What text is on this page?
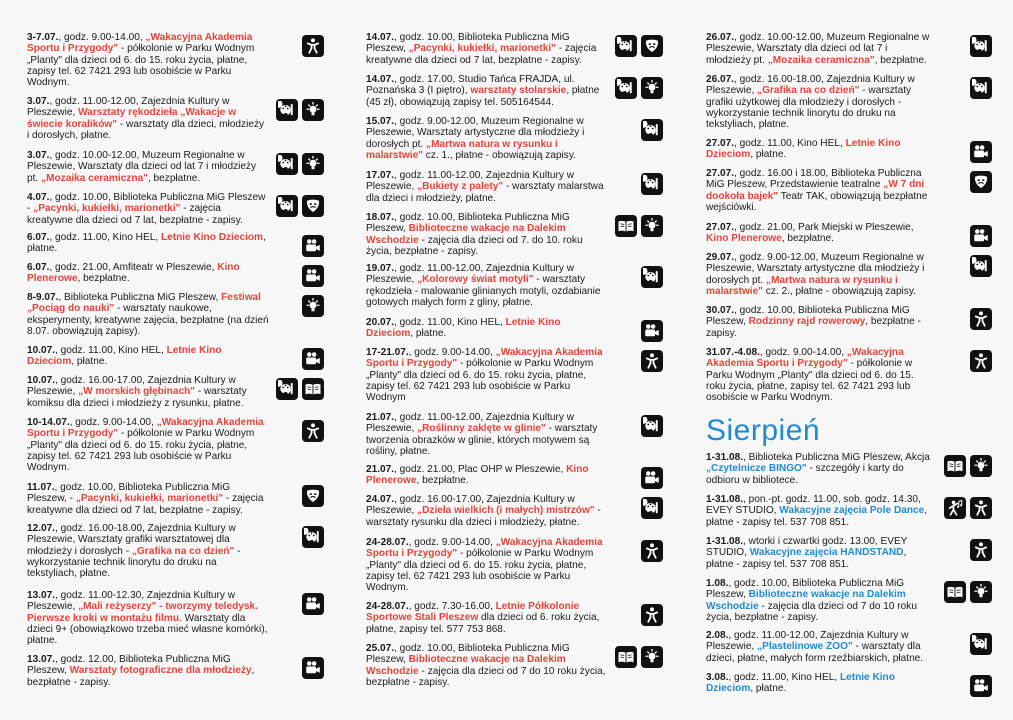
Sierpień
3-7.07., godz. 9.00-14.00, „Wakacyjna Akademia Sportu i Przygody" - półkolonie w Parku Wodnym „Planty" dla dzieci od 6. do 15. roku życia, płatne, zapisy tel. 62 7421 293 lub osobiście w Parku Wodnym.
3.07., godz. 11.00-12.00, Zajezdnia Kultury w Pleszewie, Warsztaty rękodzieła „Wakacje w świecie koralików" - warsztaty dla dzieci, młodzieży i dorosłych, płatne.
3.07., godz. 10.00-12.00, Muzeum Regionalne w Pleszewie, Warsztaty dla dzieci od lat 7 i młodzieży pt. „Mozaika ceramiczna", bezpłatne.
4.07., godz. 10.00, Biblioteka Publiczna MiG Pleszew - „Pacynki, kukiełki, marionetki" - zajęcia kreatywne dla dzieci od 7 lat, bezpłatne - zapisy.
6.07., godz. 11.00, Kino HEL, Letnie Kino Dzieciom, płatne.
6.07., godz. 21.00, Amfiteatr w Pleszewie, Kino Plenerowe, bezpłatne.
8-9.07., Biblioteka Publiczna MiG Pleszew, Festiwal „Pociąg do nauki" - warsztaty naukowe, eksperymenty, kreatywne zajęcia, bezpłatne (na dzień 8.07. obowiązują zapisy).
10.07., godz. 11.00, Kino HEL, Letnie Kino Dzieciom, płatne.
10.07., godz. 16.00-17.00, Zajezdnia Kultury w Pleszewie, „W morskich głębinach" - warsztaty komiksu dla dzieci i młodzieży z rysunku, płatne.
10-14.07., godz. 9.00-14.00, „Wakacyjna Akademia Sportu i Przygody" - półkolonie w Parku Wodnym „Planty" dla dzieci od 6. do 15. roku życia, płatne, zapisy tel. 62 7421 293 lub osobiście w Parku Wodnym.
11.07., godz. 10.00, Biblioteka Publiczna MiG Pleszew, - „Pacynki, kukiełki, marionetki" - zajęcia kreatywne dla dzieci od 7 lat, bezpłatne - zapisy.
12.07., godz. 16.00-18.00, Zajezdnia Kultury w Pleszewie, Warsztaty grafiki warsztatowej dla młodzieży i dorosłych - „Grafika na co dzień" - wykorzystanie technik linorytu do druku na tekstyliach, płatne.
13.07., godz. 11.00-12.30, Zajezdnia Kultury w Pleszewie, „Mali reżyserzy" - tworzymy teledysk. Pierwsze kroki w montażu filmu. Warsztaty dla dzieci 9+ (obowiązkowo trzeba mieć własne komórki), płatne.
13.07., godz. 12.00, Biblioteka Publiczna MiG Pleszew, Warsztaty fotograficzne dla młodzieży, bezpłatne - zapisy.
14.07., godz. 10.00, Biblioteka Publiczna MiG Pleszew, „Pacynki, kukiełki, marionetki" - zajęcia kreatywne dla dzieci od 7 lat, bezpłatne - zapisy.
14.07., godz. 17.00, Studio Tańca FRAJDA, ul. Poznańska 3 (I piętro), warsztaty stolarskie, płatne (45 zł), obowiązują zapisy tel. 505164544.
15.07., godz. 9.00-12.00, Muzeum Regionalne w Pleszewie, Warsztaty artystyczne dla młodzieży i dorosłych pt. „Martwa natura w rysunku i malarstwie" cz. 1., płatne - obowiązują zapisy.
17.07., godz. 11.00-12.00, Zajezdnia Kultury w Pleszewie, „Bukiety z palety" - warsztaty malarstwa dla dzieci i młodzieży, płatne.
18.07., godz. 10.00, Biblioteka Publiczna MiG Pleszew, Biblioteczne wakacje na Dalekim Wschodzie - zajęcia dla dzieci od 7. do 10. roku życia, bezpłatne - zapisy.
19.07., godz. 11.00-12.00, Zajezdnia Kultury w Pleszewie, „Kolorowy świat motyli" - warsztaty rękodzieła - malowanie glinianych motyli, ozdabianie gotowych małych form z gliny, płatne.
20.07., godz. 11.00, Kino HEL, Letnie Kino Dzieciom, płatne.
17-21.07., godz. 9.00-14.00, „Wakacyjna Akademia Sportu i Przygody" - półkolonie w Parku Wodnym „Planty" dla dzieci od 6. do 15. roku życia, płatne, zapisy tel. 62 7421 293 lub osobiście w Parku Wodnym
21.07., godz. 11.00-12.00, Zajezdnia Kultury w Pleszewie, „Roślinny zaklęte w glinie" - warsztaty tworzenia obrazków w glinie, których motywem są rośliny, płatne.
21.07., godz. 21.00, Plac OHP w Pleszewie, Kino Plenerowe, bezpłatne.
24.07., godz. 16.00-17.00, Zajezdnia Kultury w Pleszewie, „Dzieła wielkich (i małych) mistrzów" - warsztaty rysunku dla dzieci i młodzieży, płatne.
24-28.07., godz. 9.00-14.00, „Wakacyjna Akademia Sportu i Przygody" - półkolonie w Parku Wodnym „Planty" dla dzieci od 6. do 15. roku życia, płatne, zapisy tel. 62 7421 293 lub osobiście w Parku Wodnym.
24-28.07., godz. 7.30-16.00, Letnie Półkolonie Sportowe Stali Pleszew dla dzieci od 6. roku życia, płatne, zapisy tel. 577 753 868.
25.07., godz. 10.00, Biblioteka Publiczna MiG Pleszew, Biblioteczne wakacje na Dalekim Wschodzie - zajęcia dla dzieci od 7 do 10 roku życia, bezpłatne - zapisy.
26.07., godz. 10.00-12.00, Muzeum Regionalne w Pleszewie, Warsztaty dla dzieci od lat 7 i młodzieży pt. „Mozaika ceramiczna", bezpłatne.
26.07., godz. 16.00-18.00, Zajezdnia Kultury w Pleszewie, „Grafika na co dzień" - warsztaty grafiki użytkowej dla młodzieży i dorosłych - wykorzystanie technik linorytu do druku na tekstyliach, płatne.
27.07., godz. 11.00, Kino HEL, Letnie Kino Dzieciom, płatne.
27.07., godz. 16.00 i 18.00, Biblioteka Publiczna MiG Pleszew, Przedstawienie teatralne „W 7 dni dookoła bajek" Teatr TAK, obowiązują bezpłatne wejściówki.
27.07., godz. 21.00, Park Miejski w Pleszewie, Kino Plenerowe, bezpłatne.
29.07., godz. 9.00-12.00, Muzeum Regionalne w Pleszewie, Warsztaty artystyczne dla młodzieży i dorosłych pt. „Martwa natura w rysunku i malarstwie" cz. 2., płatne - obowiązują zapisy.
30.07., godz. 10.00, Biblioteka Publiczna MiG Pleszew, Rodzinny rajd rowerowy, bezpłatne - zapisy.
31.07.-4.08., godz. 9.00-14.00, „Wakacyjna Akademia Sportu i Przygody" - półkolonie w Parku Wodnym „Planty" dla dzieci od 6. do 15. roku życia, płatne, zapisy tel. 62 7421 293 lub osobiście w Parku Wodnym.
1-31.08., Biblioteka Publiczna MiG Pleszew, Akcja „Czytelnicze BINGO" - szczegóły i karty do odbioru w bibliotece.
1-31.08., pon.-pt. godz. 11.00, sob. godz. 14.30, EVEY STUDIO, Wakacyjne zajęcia Pole Dance, płatne - zapisy tel. 537 708 851.
1-31.08., wtorki i czwartki godz. 13.00, EVEY STUDIO, Wakacyjne zajęcia HANDSTAND, płatne - zapisy tel. 537 708 851.
1.08., godz. 10.00, Biblioteka Publiczna MiG Pleszew, Biblioteczne wakacje na Dalekim Wschodzie - zajęcia dla dzieci od 7 do 10 roku życia, bezpłatne - zapisy.
2.08., godz. 11.00-12.00, Zajezdnia Kultury w Pleszewie, „Plastelinowe ZOO" - warsztaty dla dzieci, płatne, małych form rzeźbiarskich, płatne.
3.08., godz. 11.00, Kino HEL, Letnie Kino Dzieciom, płatne.
